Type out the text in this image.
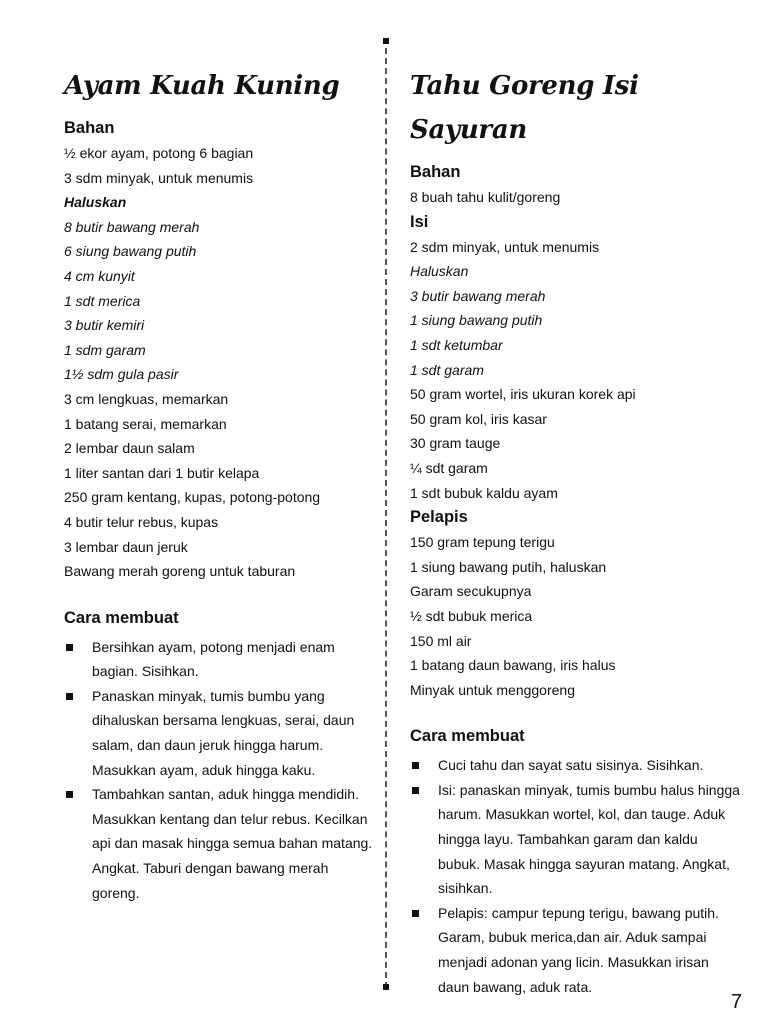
Ayam Kuah Kuning
Bahan
½ ekor ayam, potong 6 bagian
3 sdm minyak, untuk menumis
Haluskan
8 butir bawang merah
6 siung bawang putih
4 cm kunyit
1 sdt merica
3 butir kemiri
1 sdm garam
1½ sdm gula pasir
3 cm lengkuas, memarkan
1 batang serai, memarkan
2 lembar daun salam
1 liter santan dari 1 butir kelapa
250 gram kentang, kupas, potong-potong
4 butir telur rebus, kupas
3 lembar daun jeruk
Bawang merah goreng untuk taburan
Cara membuat
Bersihkan ayam, potong menjadi enam bagian. Sisihkan.
Panaskan minyak, tumis bumbu yang dihaluskan bersama lengkuas, serai, daun salam, dan daun jeruk hingga harum. Masukkan ayam, aduk hingga kaku.
Tambahkan santan, aduk hingga mendidih. Masukkan kentang dan telur rebus. Kecilkan api dan masak hingga semua bahan matang. Angkat. Taburi dengan bawang merah goreng.
Tahu Goreng Isi Sayuran
Bahan
8 buah tahu kulit/goreng
Isi
2 sdm minyak, untuk menumis
Haluskan
3 butir bawang merah
1 siung bawang putih
1 sdt ketumbar
1 sdt garam
50 gram wortel, iris ukuran korek api
50 gram kol, iris kasar
30 gram tauge
¼ sdt garam
1 sdt bubuk kaldu ayam
Pelapis
150 gram tepung terigu
1 siung bawang putih, haluskan
Garam secukupnya
½ sdt bubuk merica
150 ml air
1 batang daun bawang, iris halus
Minyak untuk menggoreng
Cara membuat
Cuci tahu dan sayat satu sisinya. Sisihkan.
Isi: panaskan minyak, tumis bumbu halus hingga harum. Masukkan wortel, kol, dan tauge. Aduk hingga layu. Tambahkan garam dan kaldu bubuk. Masak hingga sayuran matang. Angkat, sisihkan.
Pelapis: campur tepung terigu, bawang putih. Garam, bubuk merica,dan air. Aduk sampai menjadi adonan yang licin. Masukkan irisan daun bawang, aduk rata.
7
